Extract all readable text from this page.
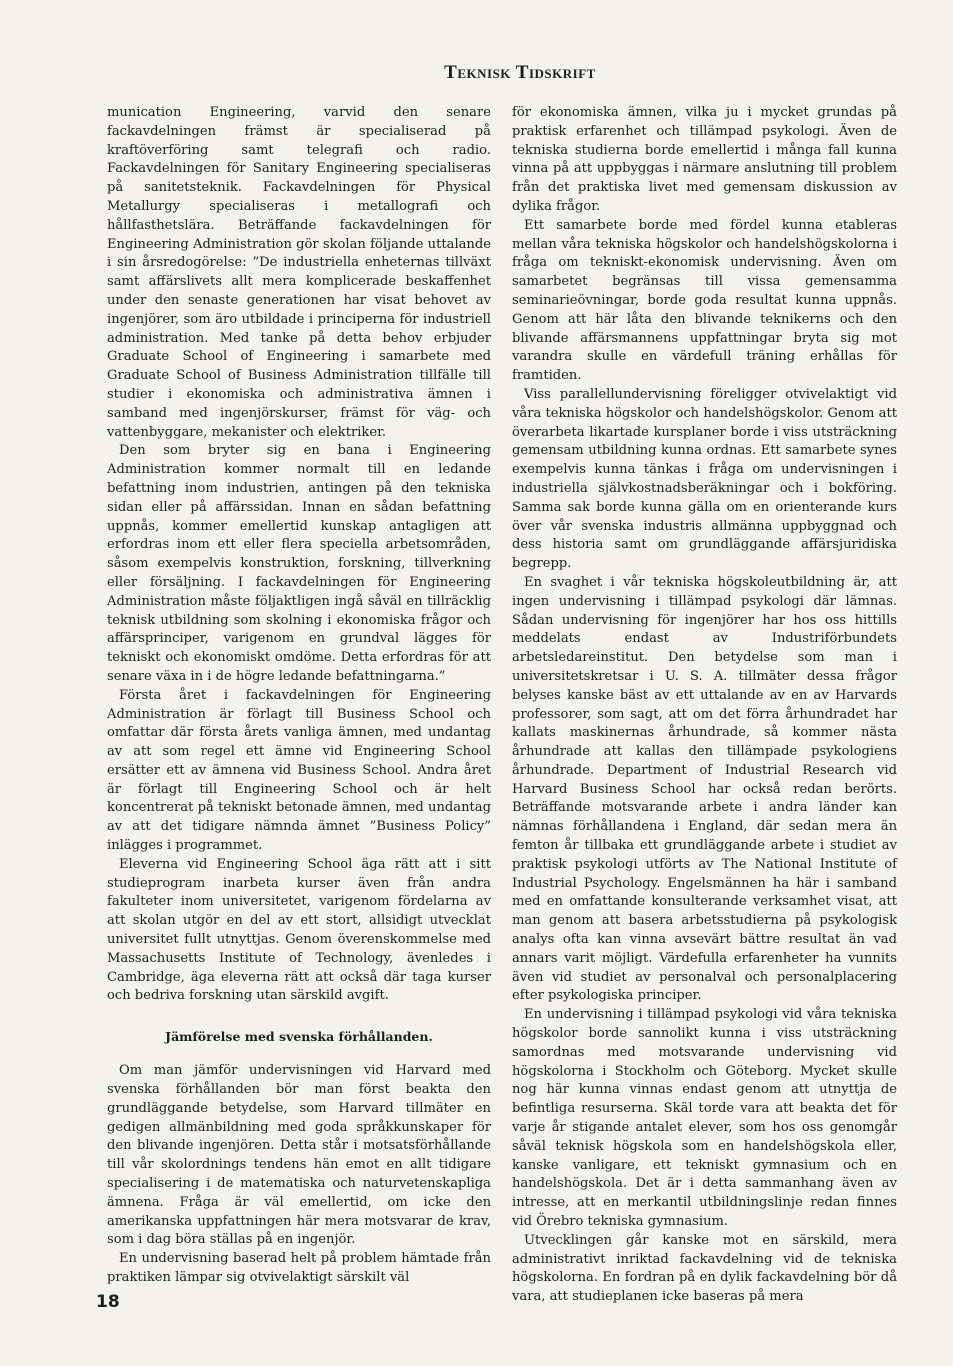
Teknisk Tidskrift

munication Engineering, varvid den senare fackavdelningen främst är specialiserad på kraftöverföring samt telegrafi och radio. Fackavdelningen för Sanitary Engineering specialiseras på sanitetsteknik. Fackavdelningen för Physical Metallurgy specialiseras i metallografi och hållfasthetslära. Beträffande fackavdelningen för Engineering Administration gör skolan följande uttalande i sin årsredogörelse: ”De industriella enheternas tillväxt samt affärslivets allt mera komplicerade beskaffenhet under den senaste generationen har visat behovet av ingenjörer, som äro utbildade i principerna för industriell administration. Med tanke på detta behov erbjuder Graduate School of Engineering i samarbete med Graduate School of Business Administration tillfälle till studier i ekonomiska och administrativa ämnen i samband med ingenjörskurser, främst för väg- och vattenbyggare, mekanister och elektriker.

Den som bryter sig en bana i Engineering Administration kommer normalt till en ledande befattning inom industrien, antingen på den tekniska sidan eller på affärssidan. Innan en sådan befattning uppnås, kommer emellertid kunskap antagligen att erfordras inom ett eller flera speciella arbetsområden, såsom exempelvis konstruktion, forskning, tillverkning eller försäljning. I fackavdelningen för Engineering Administration måste följaktligen ingå såväl en tillräcklig teknisk utbildning som skolning i ekonomiska frågor och affärsprinciper, varigenom en grundval lägges för tekniskt och ekonomiskt omdöme. Detta erfordras för att senare växa in i de högre ledande befattningarna.”

Första året i fackavdelningen för Engineering Administration är förlagt till Business School och omfattar där första årets vanliga ämnen, med undantag av att som regel ett ämne vid Engineering School ersätter ett av ämnena vid Business School. Andra året är förlagt till Engineering School och är helt koncentrerat på tekniskt betonade ämnen, med undantag av att det tidigare nämnda ämnet ”Business Policy” inlägges i programmet.

Eleverna vid Engineering School äga rätt att i sitt studieprogram inarbeta kurser även från andra fakulteter inom universitetet, varigenom fördelarna av att skolan utgör en del av ett stort, allsidigt utvecklat universitet fullt utnyttjas. Genom överenskommelse med Massachusetts Institute of Technology, ävenledes i Cambridge, äga eleverna rätt att också där taga kurser och bedriva forskning utan särskild avgift.

Jämförelse med svenska förhållanden.

Om man jämför undervisningen vid Harvard med svenska förhållanden bör man först beakta den grundläggande betydelse, som Harvard tillmäter en gedigen allmänbildning med goda språkkunskaper för den blivande ingenjören. Detta står i motsatsförhållande till vår skolordnings tendens hän emot en allt tidigare specialisering i de matematiska och naturvetenskapliga ämnena. Fråga är väl emellertid, om icke den amerikanska uppfattningen här mera motsvarar de krav, som i dag böra ställas på en ingenjör.

En undervisning baserad helt på problem hämtade från praktiken lämpar sig otvivelaktigt särskilt väl

för ekonomiska ämnen, vilka ju i mycket grundas på praktisk erfarenhet och tillämpad psykologi. Även de tekniska studierna borde emellertid i många fall kunna vinna på att uppbyggas i närmare anslutning till problem från det praktiska livet med gemensam diskussion av dylika frågor.

Ett samarbete borde med fördel kunna etableras mellan våra tekniska högskolor och handelshögskolorna i fråga om tekniskt-ekonomisk undervisning. Även om samarbetet begränsas till vissa gemensamma seminarieövningar, borde goda resultat kunna uppnås. Genom att här låta den blivande teknikerns och den blivande affärsmannens uppfattningar bryta sig mot varandra skulle en värdefull träning erhållas för framtiden.

Viss parallellundervisning föreligger otvivelaktigt vid våra tekniska högskolor och handelshögskolor. Genom att överarbeta likartade kursplaner borde i viss utsträckning gemensam utbildning kunna ordnas. Ett samarbete synes exempelvis kunna tänkas i fråga om undervisningen i industriella självkostnadsberäkningar och i bokföring. Samma sak borde kunna gälla om en orienterande kurs över vår svenska industris allmänna uppbyggnad och dess historia samt om grundläggande affärsjuridiska begrepp.

En svaghet i vår tekniska högskoleutbildning är, att ingen undervisning i tillämpad psykologi där lämnas. Sådan undervisning för ingenjörer har hos oss hittills meddelats endast av Industriförbundets arbetsledareinstitut. Den betydelse som man i universitetskretsar i U. S. A. tillmäter dessa frågor belyses kanske bäst av ett uttalande av en av Harvards professorer, som sagt, att om det förra århundradet har kallats maskinernas århundrade, så kommer nästa århundrade att kallas den tillämpade psykologiens århundrade. Department of Industrial Research vid Harvard Business School har också redan berörts. Beträffande motsvarande arbete i andra länder kan nämnas förhållandena i England, där sedan mera än femton år tillbaka ett grundläggande arbete i studiet av praktisk psykologi utförts av The National Institute of Industrial Psychology. Engelsmännen ha här i samband med en omfattande konsulterande verksamhet visat, att man genom att basera arbetsstudierna på psykologisk analys ofta kan vinna avsevärt bättre resultat än vad annars varit möjligt. Värdefulla erfarenheter ha vunnits även vid studiet av personalval och personalplacering efter psykologiska principer.

En undervisning i tillämpad psykologi vid våra tekniska högskolor borde sannolikt kunna i viss utsträckning samordnas med motsvarande undervisning vid högskolorna i Stockholm och Göteborg. Mycket skulle nog här kunna vinnas endast genom att utnyttja de befintliga resurserna. Skäl torde vara att beakta det för varje år stigande antalet elever, som hos oss genomgår såväl teknisk högskola som en handelshögskola eller, kanske vanligare, ett tekniskt gymnasium och en handelshögskola. Det är i detta sammanhang även av intresse, att en merkantil utbildningslinje redan finnes vid Örebro tekniska gymnasium.

Utvecklingen går kanske mot en särskild, mera administrativt inriktad fackavdelning vid de tekniska högskolorna. En fordran på en dylik fackavdelning bör då vara, att studieplanen icke baseras på mera

18
